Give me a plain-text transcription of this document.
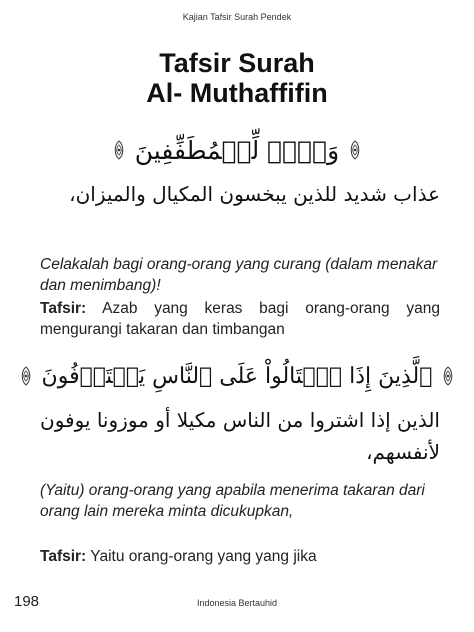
Kajian Tafsir Surah Pendek
Tafsir Surah
Al- Muthaffifin
وَيۡلٞ لِّلۡمُطَفِّفِينَ
عذاب شديد للذين يبخسون المكيال والميزان،
Celakalah bagi orang-orang yang curang (dalam menakar dan menimbang)!
Tafsir: Azab yang keras bagi orang-orang yang mengurangi takaran dan timbangan
ٱلَّذِينَ إِذَا ٱكۡتَالُواْ عَلَى ٱلنَّاسِ يَسۡتَوۡفُونَ
الذين إذا اشتروا من الناس مكيلا أو موزونا يوفون لأنفسهم،
(Yaitu) orang-orang yang apabila menerima takaran dari orang lain mereka minta dicukupkan,
Tafsir: Yaitu orang-orang yang yang jika
198	Indonesia Bertauhid
